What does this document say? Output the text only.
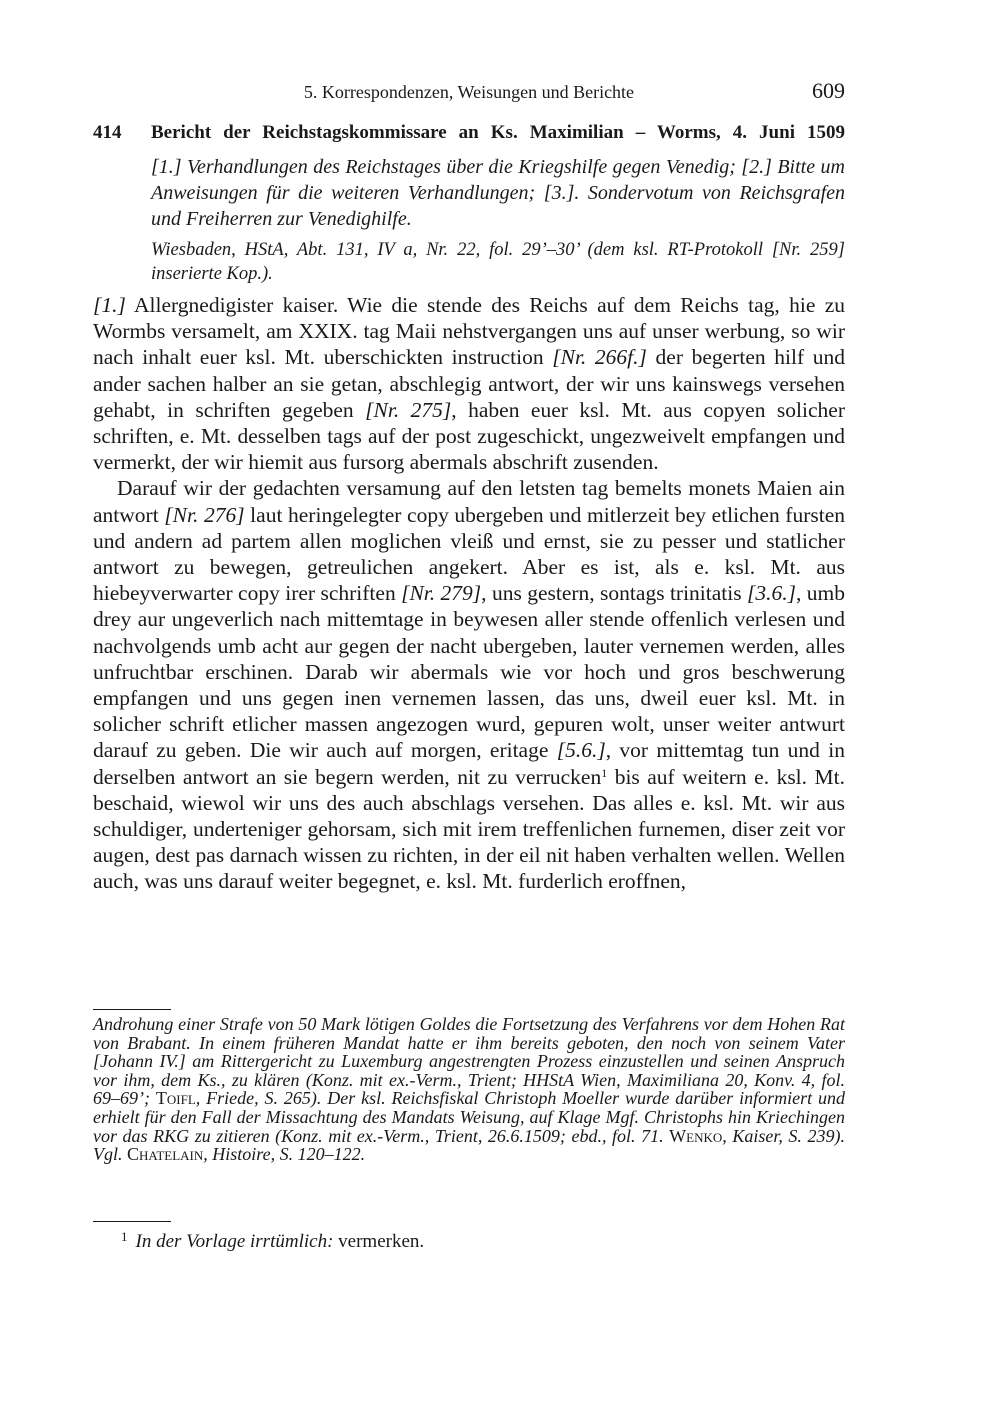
5. Korrespondenzen, Weisungen und Berichte	609
414 Bericht der Reichstagskommissare an Ks. Maximilian – Worms, 4. Juni 1509
[1.] Verhandlungen des Reichstages über die Kriegshilfe gegen Venedig; [2.] Bitte um Anweisungen für die weiteren Verhandlungen; [3.]. Sondervotum von Reichsgrafen und Freiherren zur Venedighilfe.
Wiesbaden, HStA, Abt. 131, IV a, Nr. 22, fol. 29’–30’ (dem ksl. RT-Protokoll [Nr. 259] inserierte Kop.).

[1.] Allergnedigister kaiser. Wie die stende des Reichs auf dem Reichs tag, hie zu Wormbs versamelt, am XXIX. tag Maii nehstvergangen uns auf unser werbung, so wir nach inhalt euer ksl. Mt. uberschickten instruction [Nr. 266f.] der begerten hilf und ander sachen halber an sie getan, abschlegig antwort, der wir uns kainswegs versehen gehabt, in schriften gegeben [Nr. 275], haben euer ksl. Mt. aus copyen solicher schriften, e. Mt. desselben tags auf der post zugeschickt, ungezweivelt empfangen und vermerkt, der wir hiemit aus fursorg abermals abschrift zusenden.

Darauf wir der gedachten versamung auf den letsten tag bemelts monets Maien ain antwort [Nr. 276] laut heringelegter copy ubergeben und mitlerzeit bey etlichen fursten und andern ad partem allen moglichen vleiß und ernst, sie zu pesser und statlicher antwort zu bewegen, getreulichen angekert. Aber es ist, als e. ksl. Mt. aus hiebeyverwarter copy irer schriften [Nr. 279], uns gestern, sontags trinitatis [3.6.], umb drey aur ungeverlich nach mittemtage in beywesen aller stende offenlich verlesen und nachvolgends umb acht aur gegen der nacht ubergeben, lauter vernemen werden, alles unfruchtbar erschinen. Darab wir abermals wie vor hoch und gros beschwerung empfangen und uns gegen inen vernemen lassen, das uns, dweil euer ksl. Mt. in solicher schrift etlicher massen angezogen wurd, gepuren wolt, unser weiter antwurt darauf zu geben. Die wir auch auf morgen, eritage [5.6.], vor mittemtag tun und in derselben antwort an sie begern werden, nit zu verrucken$^1$ bis auf weitern e. ksl. Mt. beschaid, wiewol wir uns des auch abschlags versehen. Das alles e. ksl. Mt. wir aus schuldiger, underteniger gehorsam, sich mit irem treffenlichen furnemen, diser zeit vor augen, dest pas darnach wissen zu richten, in der eil nit haben verhalten wellen. Wellen auch, was uns darauf weiter begegnet, e. ksl. Mt. furderlich eroffnen,

Androhung einer Strafe von 50 Mark lötigen Goldes die Fortsetzung des Verfahrens vor dem Hohen Rat von Brabant. In einem früheren Mandat hatte er ihm bereits geboten, den noch von seinem Vater [Johann IV.] am Rittergericht zu Luxemburg angestrengten Prozess einzustellen und seinen Anspruch vor ihm, dem Ks., zu klären (Konz. mit ex.-Verm., Trient; HHStA Wien, Maximiliana 20, Konv. 4, fol. 69–69’; Toifl, Friede, S. 265). Der ksl. Reichsfiskal Christoph Moeller wurde darüber informiert und erhielt für den Fall der Missachtung des Mandats Weisung, auf Klage Mgf. Christophs hin Kriechingen vor das RKG zu zitieren (Konz. mit ex.-Verm., Trient, 26.6.1509; ebd., fol. 71. Wenko, Kaiser, S. 239). Vgl. Chatelain, Histoire, S. 120–122.
$^1$ In der Vorlage irrtümlich: vermerken.
